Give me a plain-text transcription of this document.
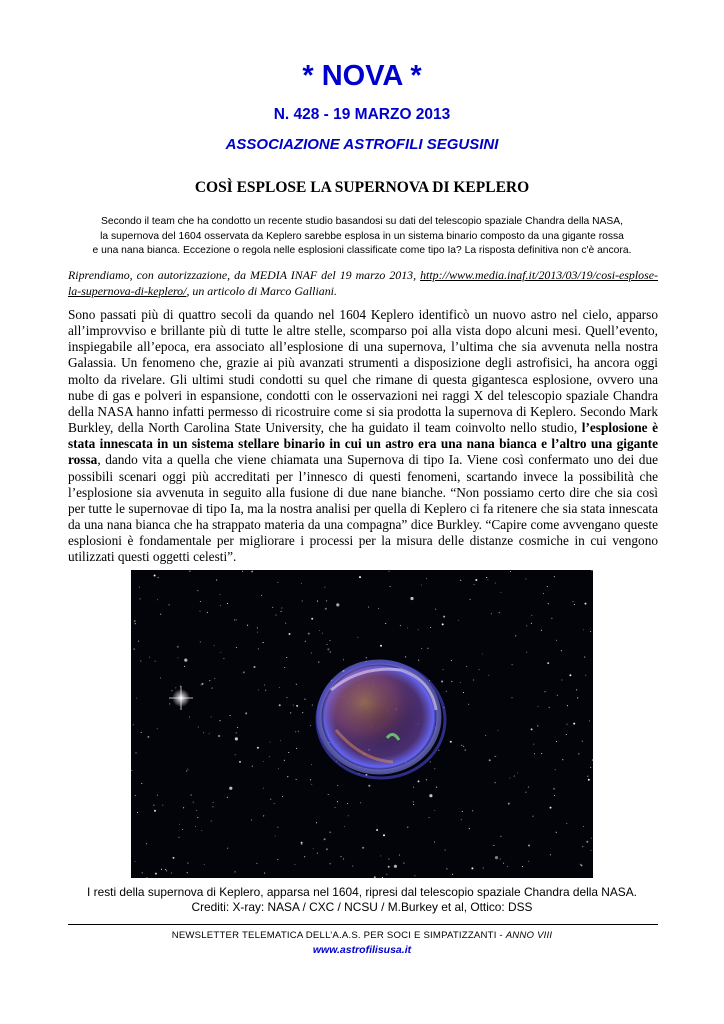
* NOVA *
N. 428 - 19 MARZO 2013
ASSOCIAZIONE ASTROFILI SEGUSINI
COSÌ ESPLOSE LA SUPERNOVA DI KEPLERO

Secondo il team che ha condotto un recente studio basandosi su dati del telescopio spaziale Chandra della NASA,
la supernova del 1604 osservata da Keplero sarebbe esplosa in un sistema binario composto da una gigante rossa
e una nana bianca. Eccezione o regola nelle esplosioni classificate come tipo Ia? La risposta definitiva non c'è ancora.

Riprendiamo, con autorizzazione, da MEDIA INAF del 19 marzo 2013, http://www.media.inaf.it/2013/03/19/cosi-esplose-la-supernova-di-keplero/, un articolo di Marco Galliani.

Sono passati più di quattro secoli da quando nel 1604 Keplero identificò un nuovo astro nel cielo, apparso all’improvviso e brillante più di tutte le altre stelle, scomparso poi alla vista dopo alcuni mesi. Quell’evento, inspiegabile all’epoca, era associato all’esplosione di una supernova, l’ultima che sia avvenuta nella nostra Galassia. Un fenomeno che, grazie ai più avanzati strumenti a disposizione degli astrofisici, ha ancora oggi molto da rivelare. Gli ultimi studi condotti su quel che rimane di questa gigantesca esplosione, ovvero una nube di gas e polveri in espansione, condotti con le osservazioni nei raggi X del telescopio spaziale Chandra della NASA hanno infatti permesso di ricostruire come si sia prodotta la supernova di Keplero. Secondo Mark Burkley, della North Carolina State University, che ha guidato il team coinvolto nello studio, l’esplosione è stata innescata in un sistema stellare binario in cui un astro era una nana bianca e l’altro una gigante rossa, dando vita a quella che viene chiamata una Supernova di tipo Ia. Viene così confermato uno dei due possibili scenari oggi più accreditati per l’innesco di questi fenomeni, scartando invece la possibilità che l’esplosione sia avvenuta in seguito alla fusione di due nane bianche. “Non possiamo certo dire che sia così per tutte le supernovae di tipo Ia, ma la nostra analisi per quella di Keplero ci fa ritenere che sia stata innescata da una nana bianca che ha strappato materia da una compagna” dice Burkley. “Capire come avvengano queste esplosioni è fondamentale per migliorare i processi per la misura delle distanze cosmiche in cui vengono utilizzati questi oggetti celesti”.

I resti della supernova di Keplero, apparsa nel 1604, ripresi dal telescopio spaziale Chandra della NASA.
Crediti: X-ray: NASA / CXC / NCSU / M.Burkey et al, Ottico: DSS

NEWSLETTER TELEMATICA DELL’A.A.S. PER SOCI E SIMPATIZZANTI - ANNO VIII
www.astrofilisusa.it
